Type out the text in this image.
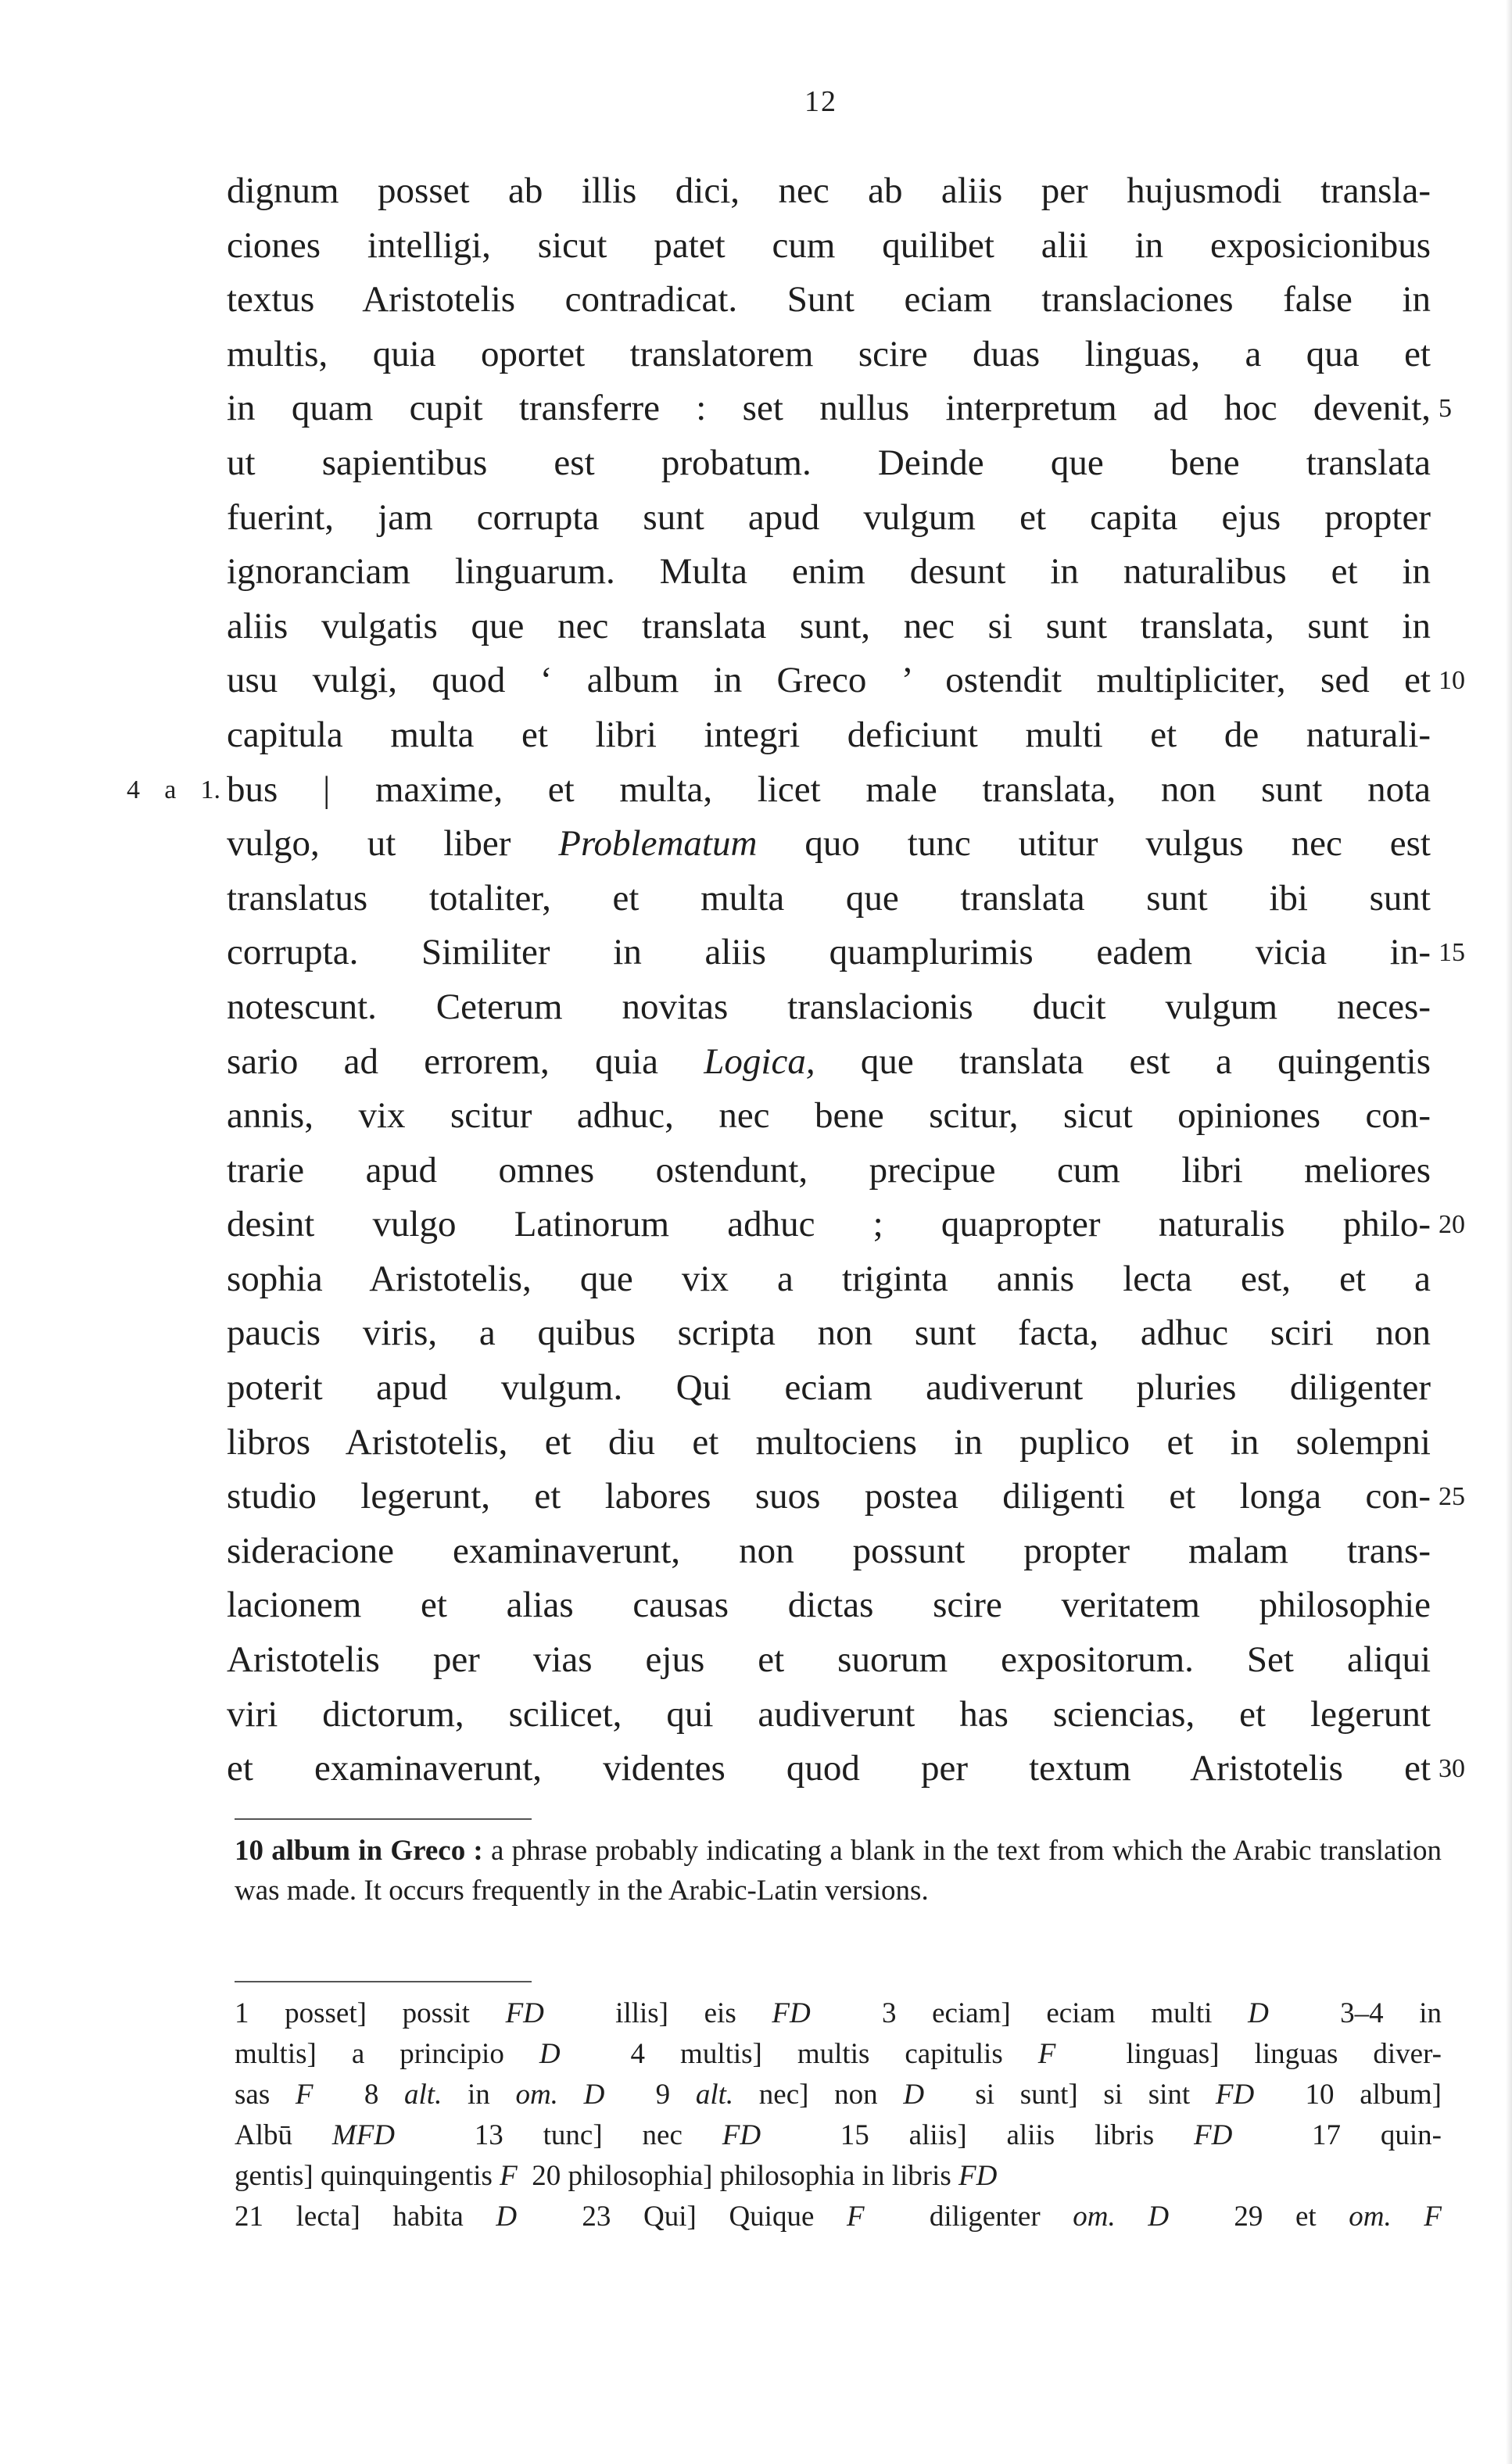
12
dignum posset ab illis dici, nec ab aliis per hujusmodi transla-
ciones intelligi, sicut patet cum quilibet alii in exposicionibus
textus Aristotelis contradicat. Sunt eciam translaciones false in
multis, quia oportet translatorem scire duas linguas, a qua et
in quam cupit transferre : set nullus interpretum ad hoc devenit, 5
ut sapientibus est probatum. Deinde que bene translata
fuerint, jam corrupta sunt apud vulgum et capita ejus propter
ignoranciam linguarum. Multa enim desunt in naturalibus et in
aliis vulgatis que nec translata sunt, nec si sunt translata, sunt in
usu vulgi, quod ‘ album in Greco ’ ostendit multipliciter, sed et 10
capitula multa et libri integri deficiunt multi et de naturali-
bus | maxime, et multa, licet male translata, non sunt nota
4 a 1.
vulgo, ut liber Problematum quo tunc utitur vulgus nec est
translatus totaliter, et multa que translata sunt ibi sunt
corrupta. Similiter in aliis quamplurimis eadem vicia in- 15
notescunt. Ceterum novitas translacionis ducit vulgum neces-
sario ad errorem, quia Logica, que translata est a quingentis
annis, vix scitur adhuc, nec bene scitur, sicut opiniones con-
trarie apud omnes ostendunt, precipue cum libri meliores
desint vulgo Latinorum adhuc ; quapropter naturalis philo- 20
sophia Aristotelis, que vix a triginta annis lecta est, et a
paucis viris, a quibus scripta non sunt facta, adhuc sciri non
poterit apud vulgum. Qui eciam audiverunt pluries diligenter
libros Aristotelis, et diu et multociens in puplico et in solempni
studio legerunt, et labores suos postea diligenti et longa con- 25
sideracione examinaverunt, non possunt propter malam trans-
lacionem et alias causas dictas scire veritatem philosophie
Aristotelis per vias ejus et suorum expositorum. Set aliqui
viri dictorum, scilicet, qui audiverunt has sciencias, et legerunt
et examinaverunt, videntes quod per textum Aristotelis et 30
10 album in Greco : a phrase probably indicating a blank in the text from which the Arabic translation was made. It occurs frequently in the Arabic-Latin versions.
1 posset] possit FD  illis] eis FD  3 eciam] eciam multi D  3–4 in
multis] a principio D  4 multis] multis capitulis F  linguas] linguas diver-
sas F  8 alt. in om. D  9 alt. nec] non D  si sunt] si sint FD  10 album]
Albū MFD  13 tunc] nec FD  15 aliis] aliis libris FD  17 quin-
gentis] quinquingentis F  20 philosophia] philosophia in libris FD
21 lecta] habita D  23 Qui] Quique F  diligenter om. D  29 et om. F
